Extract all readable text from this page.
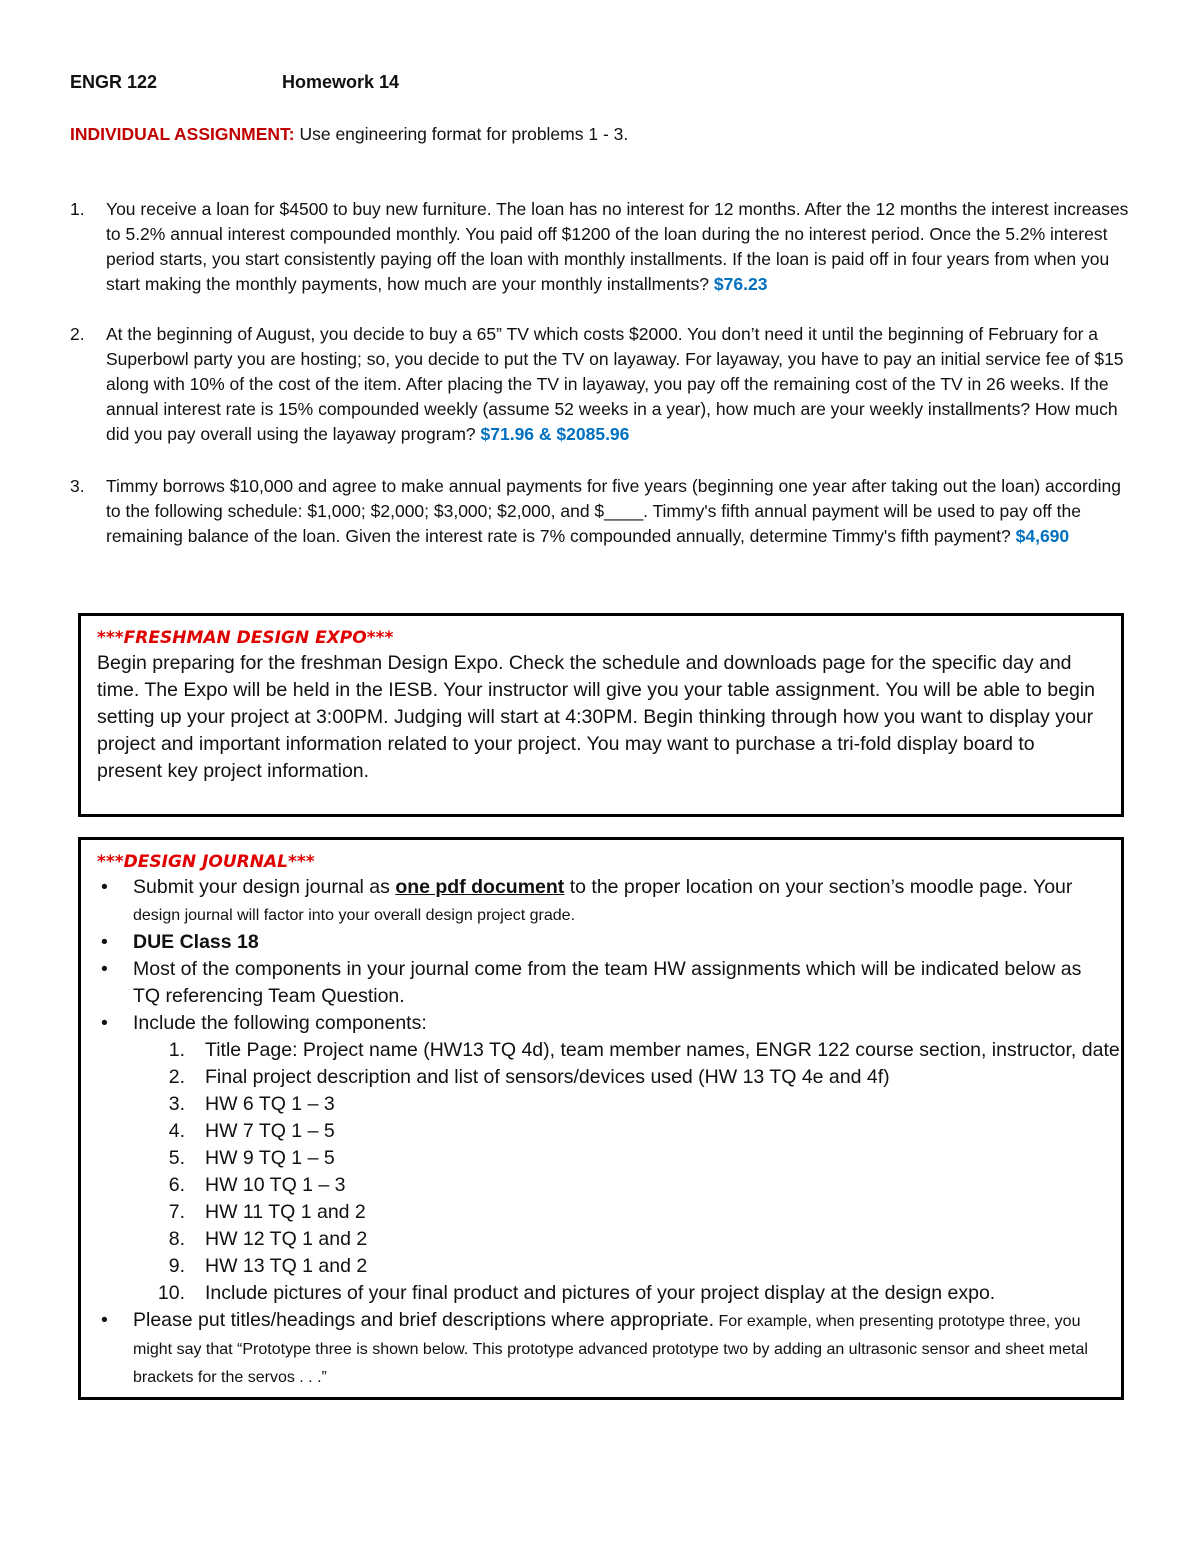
ENGR 122	Homework 14
INDIVIDUAL ASSIGNMENT: Use engineering format for problems 1 - 3.
1. You receive a loan for $4500 to buy new furniture. The loan has no interest for 12 months. After the 12 months the interest increases to 5.2% annual interest compounded monthly. You paid off $1200 of the loan during the no interest period. Once the 5.2% interest period starts, you start consistently paying off the loan with monthly installments. If the loan is paid off in four years from when you start making the monthly payments, how much are your monthly installments? $76.23
2. At the beginning of August, you decide to buy a 65” TV which costs $2000. You don’t need it until the beginning of February for a Superbowl party you are hosting; so, you decide to put the TV on layaway. For layaway, you have to pay an initial service fee of $15 along with 10% of the cost of the item. After placing the TV in layaway, you pay off the remaining cost of the TV in 26 weeks. If the annual interest rate is 15% compounded weekly (assume 52 weeks in a year), how much are your weekly installments? How much did you pay overall using the layaway program? $71.96 & $2085.96
3. Timmy borrows $10,000 and agree to make annual payments for five years (beginning one year after taking out the loan) according to the following schedule: $1,000; $2,000; $3,000; $2,000, and $____. Timmy's fifth annual payment will be used to pay off the remaining balance of the loan. Given the interest rate is 7% compounded annually, determine Timmy's fifth payment? $4,690
***FRESHMAN DESIGN EXPO***
Begin preparing for the freshman Design Expo. Check the schedule and downloads page for the specific day and time. The Expo will be held in the IESB. Your instructor will give you your table assignment. You will be able to begin setting up your project at 3:00PM. Judging will start at 4:30PM. Begin thinking through how you want to display your project and important information related to your project. You may want to purchase a tri-fold display board to present key project information.
***DESIGN JOURNAL***
• Submit your design journal as one pdf document to the proper location on your section’s moodle page. Your
design journal will factor into your overall design project grade.
• DUE Class 18
• Most of the components in your journal come from the team HW assignments which will be indicated below as TQ referencing Team Question.
• Include the following components:
1. Title Page: Project name (HW13 TQ 4d), team member names, ENGR 122 course section, instructor, date
2. Final project description and list of sensors/devices used (HW 13 TQ 4e and 4f)
3. HW 6 TQ 1 – 3
4. HW 7 TQ 1 – 5
5. HW 9 TQ 1 – 5
6. HW 10 TQ 1 – 3
7. HW 11 TQ 1 and 2
8. HW 12 TQ 1 and 2
9. HW 13 TQ 1 and 2
10. Include pictures of your final product and pictures of your project display at the design expo.
• Please put titles/headings and brief descriptions where appropriate. For example, when presenting prototype three, you might say that “Prototype three is shown below. This prototype advanced prototype two by adding an ultrasonic sensor and sheet metal brackets for the servos . . .”
